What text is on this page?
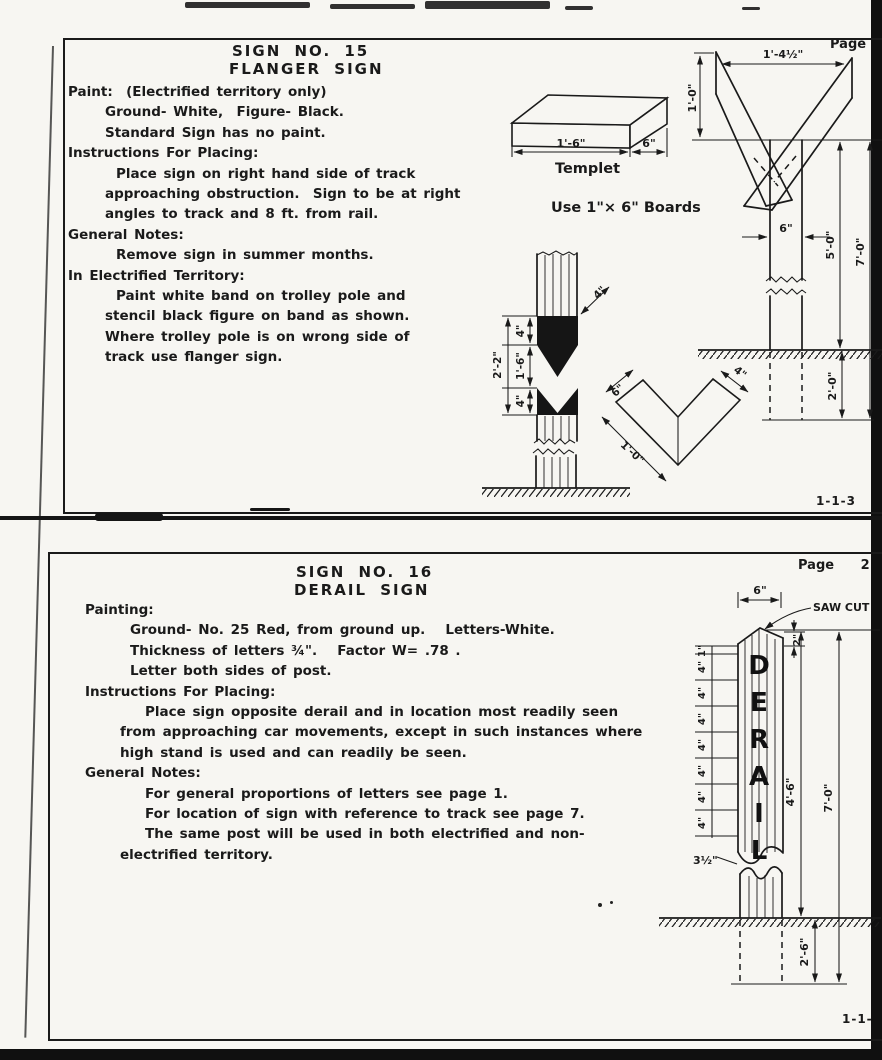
SIGN NO. 15
FLANGER SIGN
Page
Paint:  (Electrified territory only)
Ground- White,  Figure- Black.
Standard Sign has no paint.
Instructions For Placing:
Place sign on right hand side of track
approaching obstruction.  Sign to be at right
angles to track and 8 ft. from rail.
General Notes:
Remove sign in summer months.
In Electrified Territory:
Paint white band on trolley pole and
stencil black figure on band as shown.
Where trolley pole is on wrong side of
track use flanger sign.
1'-6"	6"
Templet
Use 1"× 6" Boards
1'-4½"
1'-0"
6"
5'-0"
2'-0"
7'-0"
4"
1'-6"
4"
2'-2"
4"
6"
1'-0"
4"
1-1-3
Page 2
SIGN NO. 16
DERAIL SIGN
Painting:
Ground- No. 25 Red, from ground up.   Letters-White.
Thickness of letters ¾".   Factor W= .78 .
Letter both sides of post.
Instructions For Placing:
Place sign opposite derail and in location most readily seen
from approaching car movements, except in such instances where
high stand is used and can readily be seen.
General Notes:
For general proportions of letters see page 1.
For location of sign with reference to track see page 7.
The same post will be used in both electrified and non-
electrified territory.
6"
SAW CUT
2"
1"
4"
4"
4"
4"
4"
4"
4"
3½"
4'-6"
2'-6"
7'-0"
DERAIL
1-1-
